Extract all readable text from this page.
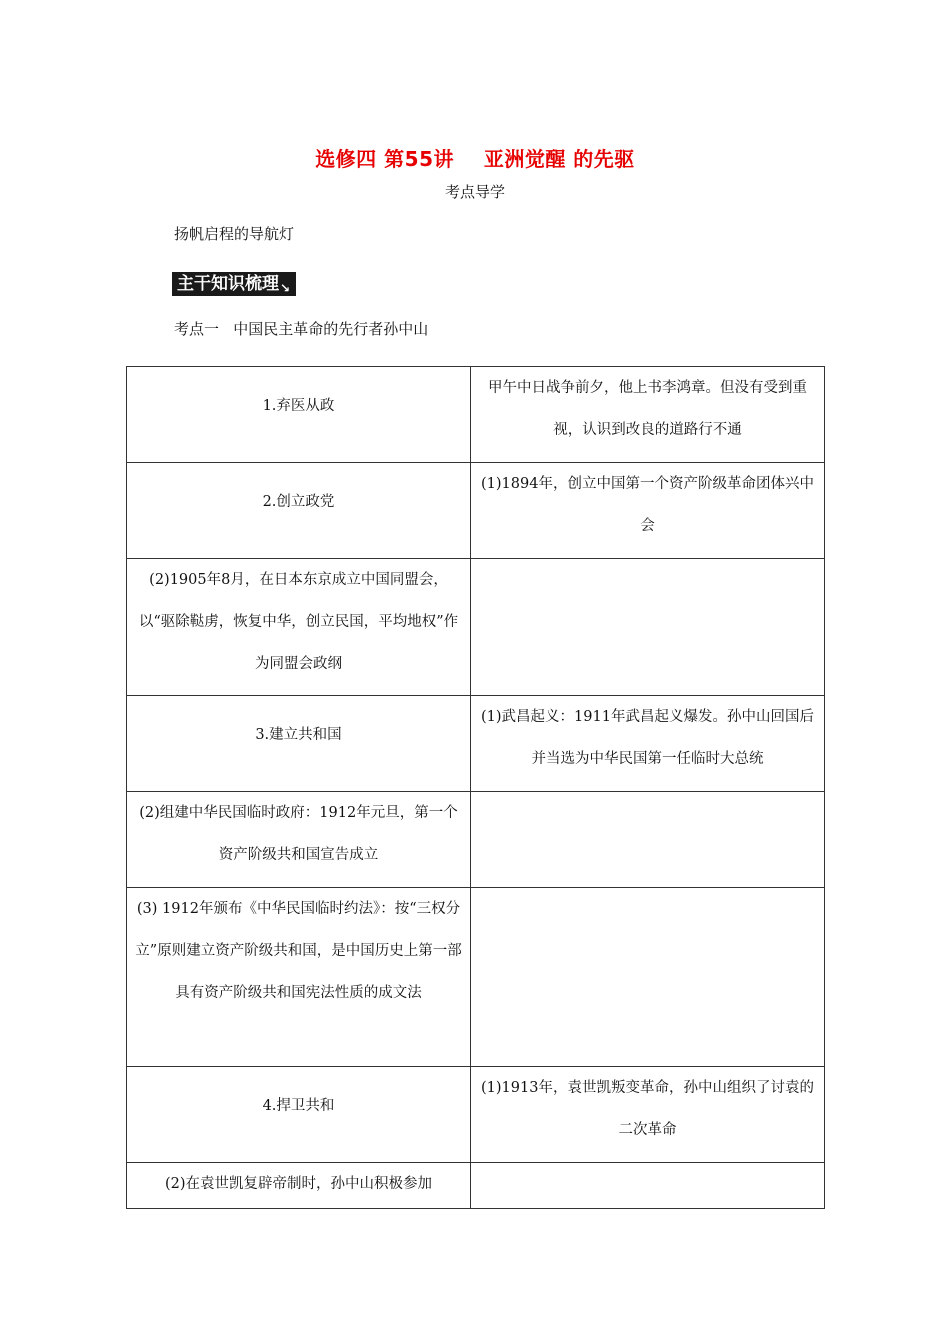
选修四 第55讲    亚洲觉醒 的先驱
考点导学
扬帆启程的导航灯
主干知识梳理 ↘
考点一   中国民主革命的先行者孙中山
1.弃医从政	甲午中日战争前夕，他上书李鸿章。但没有受到重视，认识到改良的道路行不通

2.创立政党	(1)1894年，创立中国第一个资产阶级革命团体兴中会

(2)1905年8月，在日本东京成立中国同盟会，以“驱除鞑虏，恢复中华，创立民国，平均地权”作为同盟会政纲	

3.建立共和国	(1)武昌起义：1911年武昌起义爆发。孙中山回国后并当选为中华民国第一任临时大总统

(2)组建中华民国临时政府：1912年元旦，第一个资产阶级共和国宣告成立	

(3) 1912年颁布《中华民国临时约法》：按“三权分立”原则建立资产阶级共和国，是中国历史上第一部具有资产阶级共和国宪法性质的成文法	

4.捍卫共和	(1)1913年，袁世凯叛变革命，孙中山组织了讨袁的二次革命

(2)在袁世凯复辟帝制时，孙中山积极参加	
